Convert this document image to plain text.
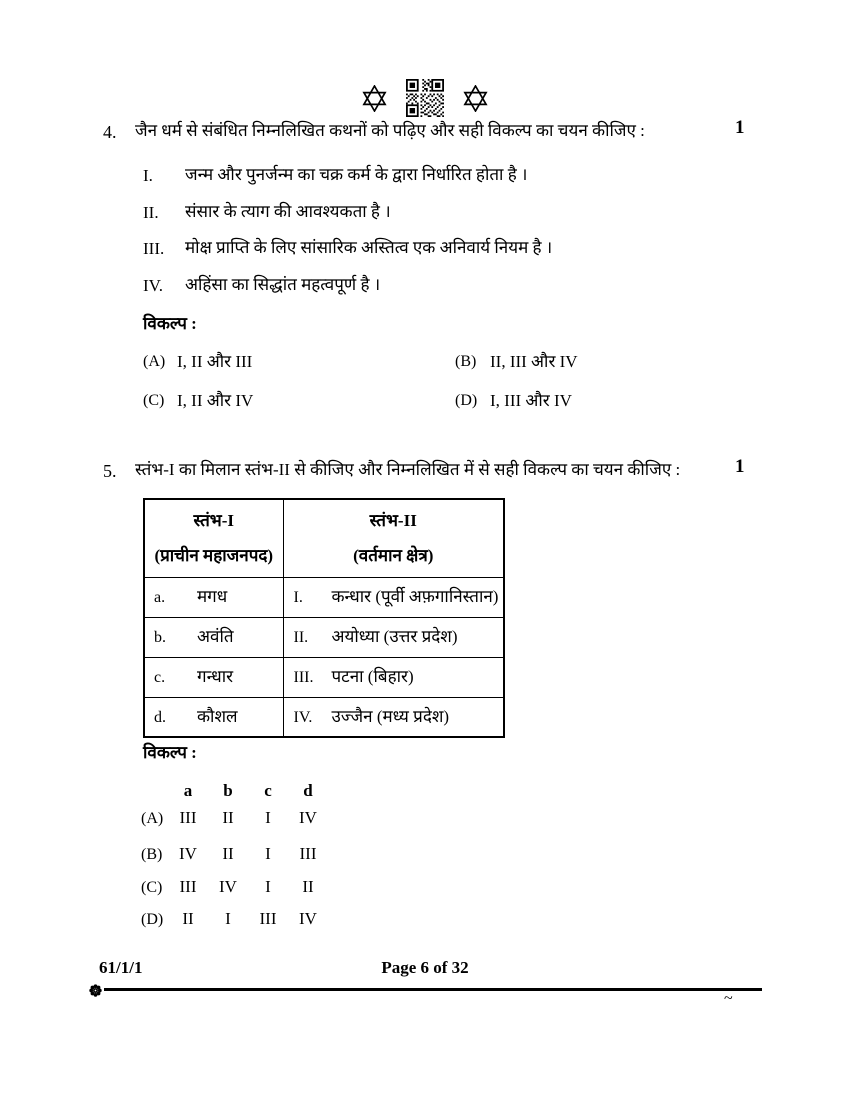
4. जैन धर्म से संबंधित निम्नलिखित कथनों को पढ़िए और सही विकल्प का चयन कीजिए :	1
I. जन्म और पुनर्जन्म का चक्र कर्म के द्वारा निर्धारित होता है ।
II. संसार के त्याग की आवश्यकता है ।
III. मोक्ष प्राप्ति के लिए सांसारिक अस्तित्व एक अनिवार्य नियम है ।
IV. अहिंसा का सिद्धांत महत्वपूर्ण है ।
विकल्प :
(A) I, II और III	(B) II, III और IV
(C) I, II और IV	(D) I, III और IV
5. स्तंभ-I का मिलान स्तंभ-II से कीजिए और निम्नलिखित में से सही विकल्प का चयन कीजिए :	1
स्तंभ-I
(प्राचीन महाजनपद)

स्तंभ-II
(वर्तमान क्षेत्र)

a. मगध	I. कन्धार (पूर्वी अफ़गानिस्तान)
b. अवंति	II. अयोध्या (उत्तर प्रदेश)
c. गन्धार	III. पटना (बिहार)
d. कौशल	IV. उज्जैन (मध्य प्रदेश)
विकल्प :
a b c d
(A) III II I IV
(B) IV II I III
(C) III IV I II
(D) II I III IV
61/1/1	Page 6 of 32
~
